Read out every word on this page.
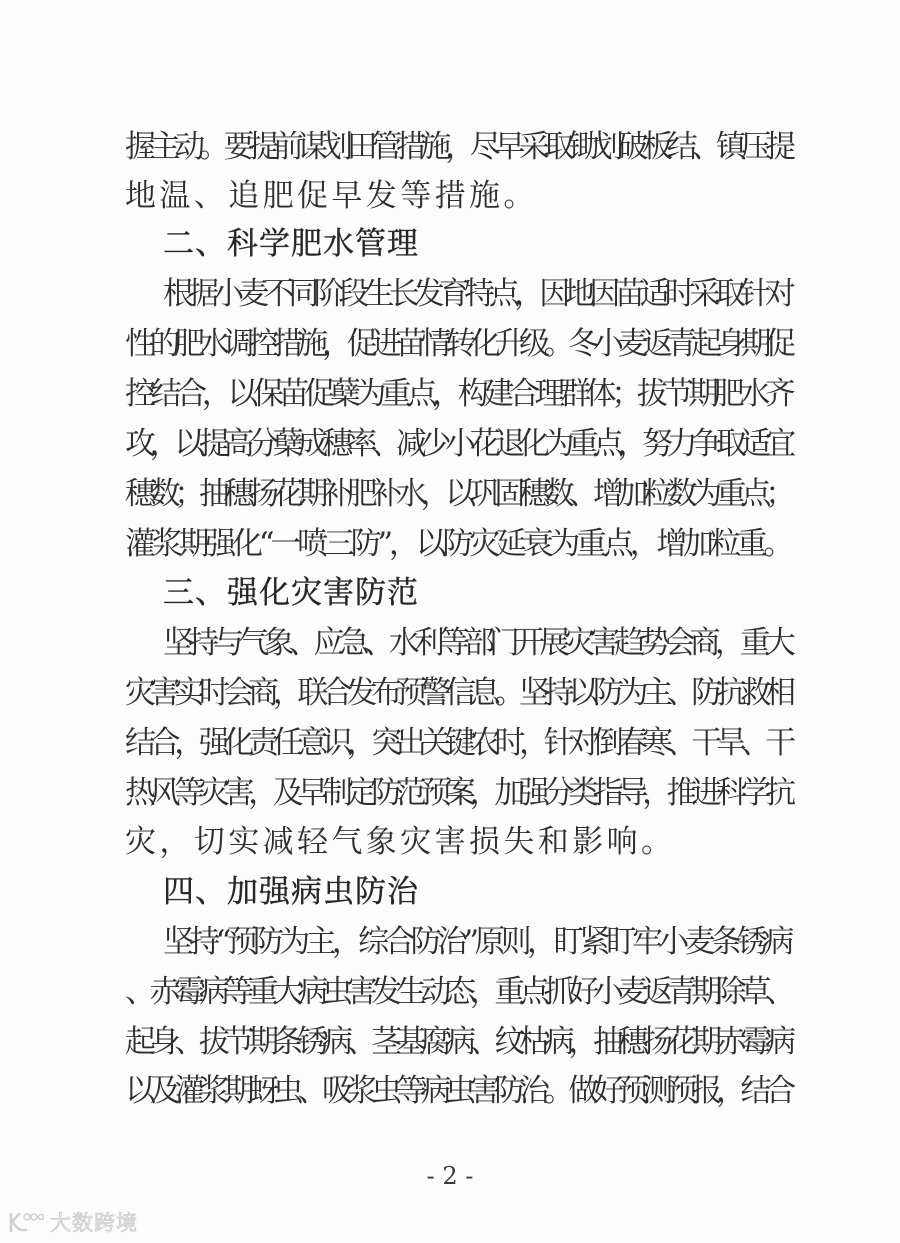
握主动。要提前谋划田管措施，尽早采取锄划破板结、镇压提
地温、追肥促早发等措施。
二、科学肥水管理
根据小麦不同阶段生长发育特点，因地因苗适时采取针对
性的肥水调控措施，促进苗情转化升级。冬小麦返青起身期促
控结合，以保苗促蘖为重点，构建合理群体；拔节期肥水齐
攻，以提高分蘖成穗率、减少小花退化为重点，努力争取适宜
穗数；抽穗扬花期补肥补水，以巩固穗数、增加粒数为重点；
灌浆期强化“一喷三防”，以防灾延衰为重点，增加粒重。
三、强化灾害防范
坚持与气象、应急、水利等部门开展灾害趋势会商，重大
灾害实时会商，联合发布预警信息。坚持以防为主、防抗救相
结合，强化责任意识，突出关键农时，针对倒春寒、干旱、干
热风等灾害，及早制定防范预案，加强分类指导，推进科学抗
灾，切实减轻气象灾害损失和影响。
四、加强病虫防治
坚持“预防为主，综合防治”原则，盯紧盯牢小麦条锈病
、赤霉病等重大病虫害发生动态，重点抓好小麦返青期除草、
起身、拔节期条锈病、茎基腐病、纹枯病，抽穗扬花期赤霉病
以及灌浆期蚜虫、吸浆虫等病虫害防治。做好预测预报，结合
- 2 -
大数跨境
